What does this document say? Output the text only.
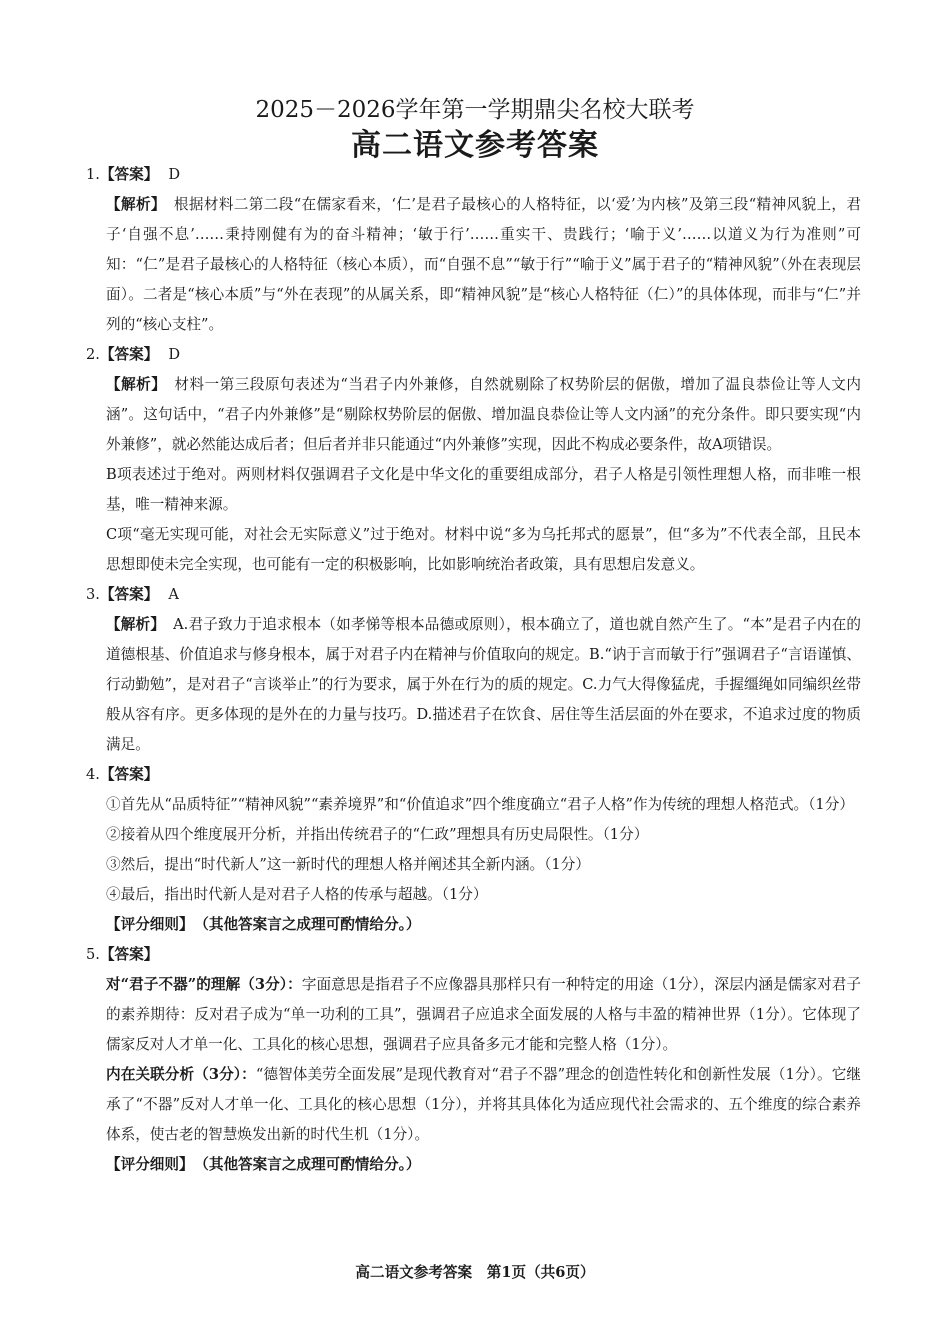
2025－2026学年第一学期鼎尖名校大联考
高二语文参考答案
1.【答案】 D
【解析】 根据材料二第二段“在儒家看来，‘仁’是君子最核心的人格特征，以‘爱’为内核”及第三段“精神风貌上，君子‘自强不息’……秉持刚健有为的奋斗精神；‘敏于行’……重实干、贵践行；‘喻于义’……以道义为行为准则”可知：“仁”是君子最核心的人格特征（核心本质），而“自强不息”“敏于行”“喻于义”属于君子的“精神风貌”（外在表现层面）。二者是“核心本质”与“外在表现”的从属关系，即“精神风貌”是“核心人格特征（仁）”的具体体现，而非与“仁”并列的“核心支柱”。
2.【答案】 D
【解析】 材料一第三段原句表述为“当君子内外兼修，自然就剔除了权势阶层的倨傲，增加了温良恭俭让等人文内涵”。这句话中，“君子内外兼修”是“剔除权势阶层的倨傲、增加温良恭俭让等人文内涵”的充分条件。即只要实现“内外兼修”，就必然能达成后者；但后者并非只能通过“内外兼修”实现，因此不构成必要条件，故A项错误。
B项表述过于绝对。两则材料仅强调君子文化是中华文化的重要组成部分，君子人格是引领性理想人格，而非唯一根基，唯一精神来源。
C项“毫无实现可能，对社会无实际意义”过于绝对。材料中说“多为乌托邦式的愿景”，但“多为”不代表全部，且民本思想即使未完全实现，也可能有一定的积极影响，比如影响统治者政策，具有思想启发意义。
3.【答案】 A
【解析】 A.君子致力于追求根本（如孝悌等根本品德或原则），根本确立了，道也就自然产生了。“本”是君子内在的道德根基、价值追求与修身根本，属于对君子内在精神与价值取向的规定。B.“讷于言而敏于行”强调君子“言语谨慎、行动勤勉”，是对君子“言谈举止”的行为要求，属于外在行为的质的规定。C.力气大得像猛虎，手握缰绳如同编织丝带般从容有序。更多体现的是外在的力量与技巧。D.描述君子在饮食、居住等生活层面的外在要求，不追求过度的物质满足。
4.【答案】
①首先从“品质特征”“精神风貌”“素养境界”和“价值追求”四个维度确立“君子人格”作为传统的理想人格范式。（1分）
②接着从四个维度展开分析，并指出传统君子的“仁政”理想具有历史局限性。（1分）
③然后，提出“时代新人”这一新时代的理想人格并阐述其全新内涵。（1分）
④最后，指出时代新人是对君子人格的传承与超越。（1分）
【评分细则】 （其他答案言之成理可酌情给分。）
5.【答案】
对“君子不器”的理解（3分）：字面意思是指君子不应像器具那样只有一种特定的用途（1分），深层内涵是儒家对君子的素养期待：反对君子成为“单一功利的工具”，强调君子应追求全面发展的人格与丰盈的精神世界（1分）。它体现了儒家反对人才单一化、工具化的核心思想，强调君子应具备多元才能和完整人格（1分）。
内在关联分析（3分）：“德智体美劳全面发展”是现代教育对“君子不器”理念的创造性转化和创新性发展（1分）。它继承了“不器”反对人才单一化、工具化的核心思想（1分），并将其具体化为适应现代社会需求的、五个维度的综合素养体系，使古老的智慧焕发出新的时代生机（1分）。
【评分细则】 （其他答案言之成理可酌情给分。）
高二语文参考答案　第1页（共6页）
